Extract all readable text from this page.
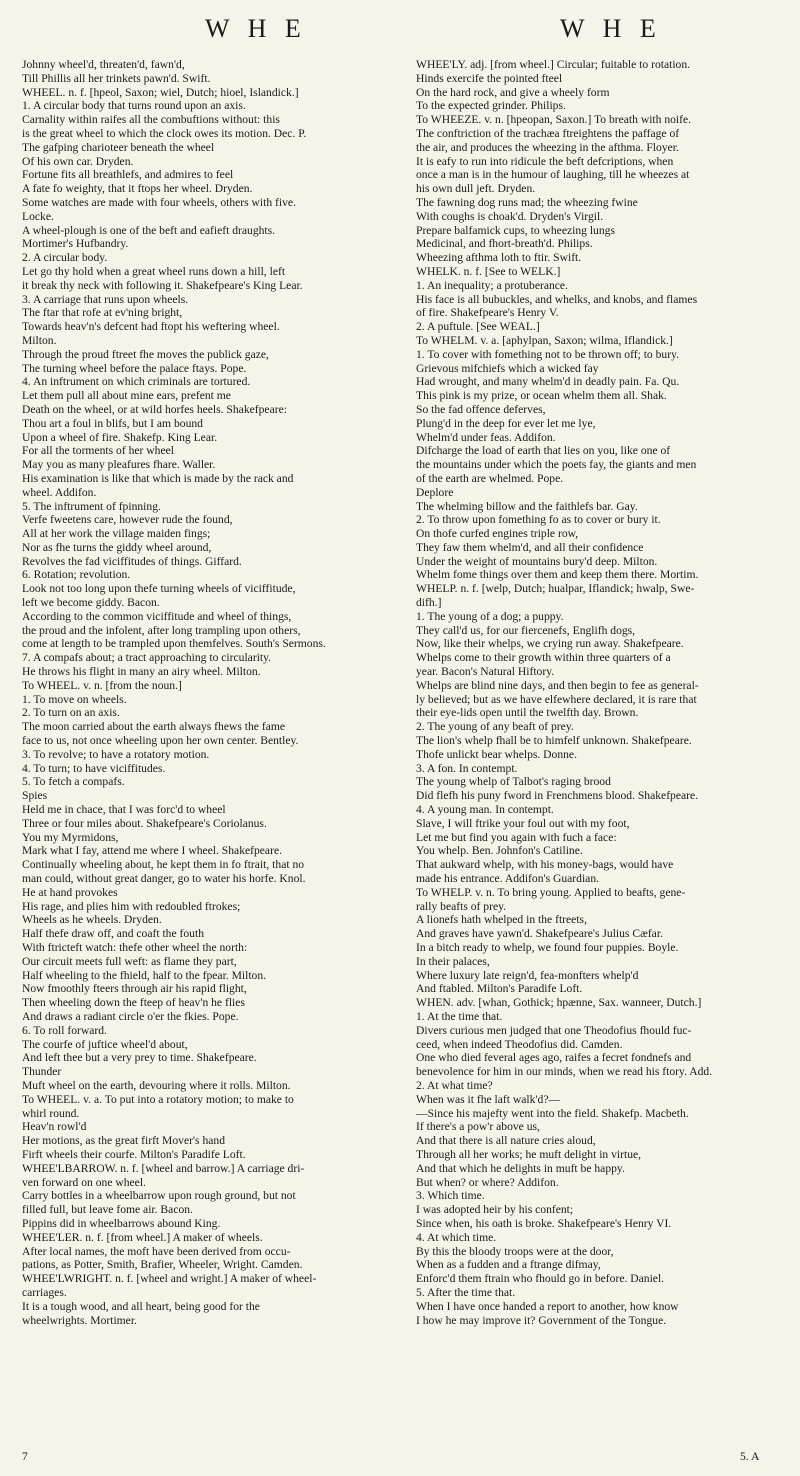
W H E	W H E
Johnny wheel'd, threaten'd, fawn'd,
Till Phillis all her trinkets pawn'd. Swift.
WHEEL. n. f. [hpeol, Saxon; wiel, Dutch; hioel, Islandick.]
1. A circular body that turns round upon an axis.
Carnality within raifes all the combuftions without: this
is the great wheel to which the clock owes its motion. Dec. P.
The gafping charioteer beneath the wheel
Of his own car. Dryden.
Fortune fits all breathlefs, and admires to feel
A fate fo weighty, that it ftops her wheel. Dryden.
Some watches are made with four wheels, others with five.
Locke.
A wheel-plough is one of the beft and eafieft draughts.
Mortimer's Hufbandry.
2. A circular body.
Let go thy hold when a great wheel runs down a hill, left
it break thy neck with following it. Shakefpeare's King Lear.
3. A carriage that runs upon wheels.
The ftar that rofe at ev'ning bright,
Towards heav'n's defcent had ftopt his weftering wheel.
Milton.
Through the proud ftreet fhe moves the publick gaze,
The turning wheel before the palace ftays. Pope.
4. An inftrument on which criminals are tortured.
Let them pull all about mine ears, prefent me
Death on the wheel, or at wild horfes heels. Shakefpeare:
Thou art a foul in blifs, but I am bound
Upon a wheel of fire. Shakefp. King Lear.
For all the torments of her wheel
May you as many pleafures fhare. Waller.
His examination is like that which is made by the rack and
wheel. Addifon.
5. The inftrument of fpinning.
Verfe fweetens care, however rude the found,
All at her work the village maiden fings;
Nor as fhe turns the giddy wheel around,
Revolves the fad viciffitudes of things. Giffard.
6. Rotation; revolution.
Look not too long upon thefe turning wheels of viciffitude,
left we become giddy. Bacon.
According to the common viciffitude and wheel of things,
the proud and the infolent, after long trampling upon others,
come at length to be trampled upon themfelves. South's Sermons.
7. A compafs about; a tract approaching to circularity.
He throws his flight in many an airy wheel. Milton.
To WHEEL. v. n. [from the noun.]
1. To move on wheels.
2. To turn on an axis.
The moon carried about the earth always fhews the fame
face to us, not once wheeling upon her own center. Bentley.
3. To revolve; to have a rotatory motion.
4. To turn; to have viciffitudes.
5. To fetch a compafs.
Spies
Held me in chace, that I was forc'd to wheel
Three or four miles about. Shakefpeare's Coriolanus.
You my Myrmidons,
Mark what I fay, attend me where I wheel. Shakefpeare.
Continually wheeling about, he kept them in fo ftrait, that no
man could, without great danger, go to water his horfe. Knol.
He at hand provokes
His rage, and plies him with redoubled ftrokes;
Wheels as he wheels. Dryden.
Half thefe draw off, and coaft the fouth
With ftricteft watch: thefe other wheel the north:
Our circuit meets full weft: as flame they part,
Half wheeling to the fhield, half to the fpear. Milton.
Now fmoothly fteers through air his rapid flight,
Then wheeling down the fteep of heav'n he flies
And draws a radiant circle o'er the fkies. Pope.
6. To roll forward.
The courfe of juftice wheel'd about,
And left thee but a very prey to time. Shakefpeare.
Thunder
Muft wheel on the earth, devouring where it rolls. Milton.
To WHEEL. v. a. To put into a rotatory motion; to make to
whirl round.
Heav'n rowl'd
Her motions, as the great firft Mover's hand
Firft wheels their courfe. Milton's Paradife Loft.
WHEE'LBARROW. n. f. [wheel and barrow.] A carriage dri-
ven forward on one wheel.
Carry bottles in a wheelbarrow upon rough ground, but not
filled full, but leave fome air. Bacon.
Pippins did in wheelbarrows abound King.
WHEE'LER. n. f. [from wheel.] A maker of wheels.
After local names, the moft have been derived from occu-
pations, as Potter, Smith, Brafier, Wheeler, Wright. Camden.
WHEE'LWRIGHT. n. f. [wheel and wright.] A maker of wheel-
carriages.
It is a tough wood, and all heart, being good for the
wheelwrights. Mortimer.
WHEE'LY. adj. [from wheel.] Circular; fuitable to rotation.
Hinds exercife the pointed fteel
On the hard rock, and give a wheely form
To the expected grinder. Philips.
To WHEEZE. v. n. [hpeopan, Saxon.] To breath with noife.
The conftriction of the trachæa ftreightens the paffage of
the air, and produces the wheezing in the afthma. Floyer.
It is eafy to run into ridicule the beft defcriptions, when
once a man is in the humour of laughing, till he wheezes at
his own dull jeft. Dryden.
The fawning dog runs mad; the wheezing fwine
With coughs is choak'd. Dryden's Virgil.
Prepare balfamick cups, to wheezing lungs
Medicinal, and fhort-breath'd. Philips.
Wheezing afthma loth to ftir. Swift.
WHELK. n. f. [See to WELK.]
1. An inequality; a protuberance.
His face is all bubuckles, and whelks, and knobs, and flames
of fire. Shakefpeare's Henry V.
2. A puftule. [See WEAL.]
To WHELM. v. a. [aphylpan, Saxon; wilma, Iflandick.]
1. To cover with fomething not to be thrown off; to bury.
Grievous mifchiefs which a wicked fay
Had wrought, and many whelm'd in deadly pain. Fa. Qu.
This pink is my prize, or ocean whelm them all. Shak.
So the fad offence deferves,
Plung'd in the deep for ever let me lye,
Whelm'd under feas. Addifon.
Difcharge the load of earth that lies on you, like one of
the mountains under which the poets fay, the giants and men
of the earth are whelmed. Pope.
Deplore
The whelming billow and the faithlefs bar. Gay.
2. To throw upon fomething fo as to cover or bury it.
On thofe curfed engines triple row,
They faw them whelm'd, and all their confidence
Under the weight of mountains bury'd deep. Milton.
Whelm fome things over them and keep them there. Mortim.
WHELP. n. f. [welp, Dutch; hualpar, Iflandick; hwalp, Swe-
difh.]
1. The young of a dog; a puppy.
They call'd us, for our fiercenefs, Englifh dogs,
Now, like their whelps, we crying run away. Shakefpeare.
Whelps come to their growth within three quarters of a
year. Bacon's Natural Hiftory.
Whelps are blind nine days, and then begin to fee as general-
ly believed; but as we have elfewhere declared, it is rare that
their eye-lids open until the twelfth day. Brown.
2. The young of any beaft of prey.
The lion's whelp fhall be to himfelf unknown. Shakefpeare.
Thofe unlickt bear whelps. Donne.
3. A fon. In contempt.
The young whelp of Talbot's raging brood
Did flefh his puny fword in Frenchmens blood. Shakefpeare.
4. A young man. In contempt.
Slave, I will ftrike your foul out with my foot,
Let me but find you again with fuch a face:
You whelp. Ben. Johnfon's Catiline.
That aukward whelp, with his money-bags, would have
made his entrance. Addifon's Guardian.
To WHELP. v. n. To bring young. Applied to beafts, gene-
rally beafts of prey.
A lionefs hath whelped in the ftreets,
And graves have yawn'd. Shakefpeare's Julius Cæfar.
In a bitch ready to whelp, we found four puppies. Boyle.
In their palaces,
Where luxury late reign'd, fea-monfters whelp'd
And ftabled. Milton's Paradife Loft.
WHEN. adv. [whan, Gothick; hpænne, Sax. wanneer, Dutch.]
1. At the time that.
Divers curious men judged that one Theodofius fhould fuc-
ceed, when indeed Theodofius did. Camden.
One who died feveral ages ago, raifes a fecret fondnefs and
benevolence for him in our minds, when we read his ftory. Add.
2. At what time?
When was it fhe laft walk'd?—
—Since his majefty went into the field. Shakefp. Macbeth.
If there's a pow'r above us,
And that there is all nature cries aloud,
Through all her works; he muft delight in virtue,
And that which he delights in muft be happy.
But when? or where? Addifon.
3. Which time.
I was adopted heir by his confent;
Since when, his oath is broke. Shakefpeare's Henry VI.
4. At which time.
By this the bloody troops were at the door,
When as a fudden and a ftrange difmay,
Enforc'd them ftrain who fhould go in before. Daniel.
5. After the time that.
When I have once handed a report to another, how know
I how he may improve it? Government of the Tongue.
7	5. A
